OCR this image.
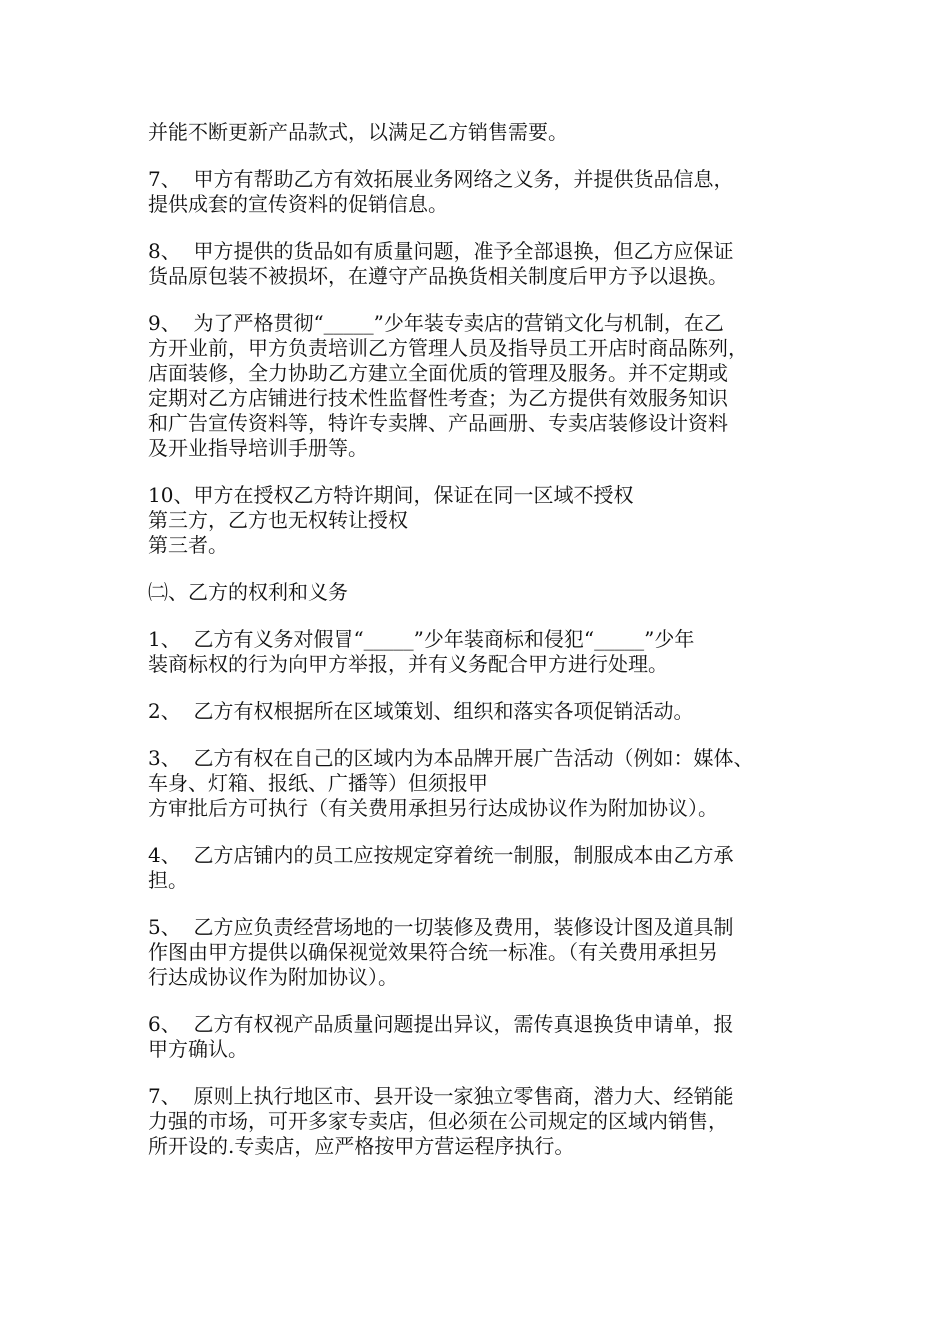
并能不断更新产品款式，以满足乙方销售需要。
7、  甲方有帮助乙方有效拓展业务网络之义务，并提供货品信息，
提供成套的宣传资料的促销信息。
8、  甲方提供的货品如有质量问题，准予全部退换，但乙方应保证
货品原包装不被损坏，在遵守产品换货相关制度后甲方予以退换。
9、  为了严格贯彻“_____”少年装专卖店的营销文化与机制，在乙
方开业前，甲方负责培训乙方管理人员及指导员工开店时商品陈列，
店面装修，全力协助乙方建立全面优质的管理及服务。并不定期或
定期对乙方店铺进行技术性监督性考查；为乙方提供有效服务知识
和广告宣传资料等，特许专卖牌、产品画册、专卖店装修设计资料
及开业指导培训手册等。
10、甲方在授权乙方特许期间，保证在同一区域不授权
第三方，乙方也无权转让授权
第三者。
㈡、乙方的权利和义务
1、  乙方有义务对假冒“_____”少年装商标和侵犯“_____”少年
装商标权的行为向甲方举报，并有义务配合甲方进行处理。
2、  乙方有权根据所在区域策划、组织和落实各项促销活动。
3、  乙方有权在自己的区域内为本品牌开展广告活动（例如：媒体、
车身、灯箱、报纸、广播等）但须报甲
方审批后方可执行（有关费用承担另行达成协议作为附加协议）。
4、  乙方店铺内的员工应按规定穿着统一制服，制服成本由乙方承
担。
5、  乙方应负责经营场地的一切装修及费用，装修设计图及道具制
作图由甲方提供以确保视觉效果符合统一标准。（有关费用承担另
行达成协议作为附加协议）。
6、  乙方有权视产品质量问题提出异议，需传真退换货申请单，报
甲方确认。
7、  原则上执行地区市、县开设一家独立零售商，潜力大、经销能
力强的市场，可开多家专卖店，但必须在公司规定的区域内销售，
所开设的.专卖店，应严格按甲方营运程序执行。
